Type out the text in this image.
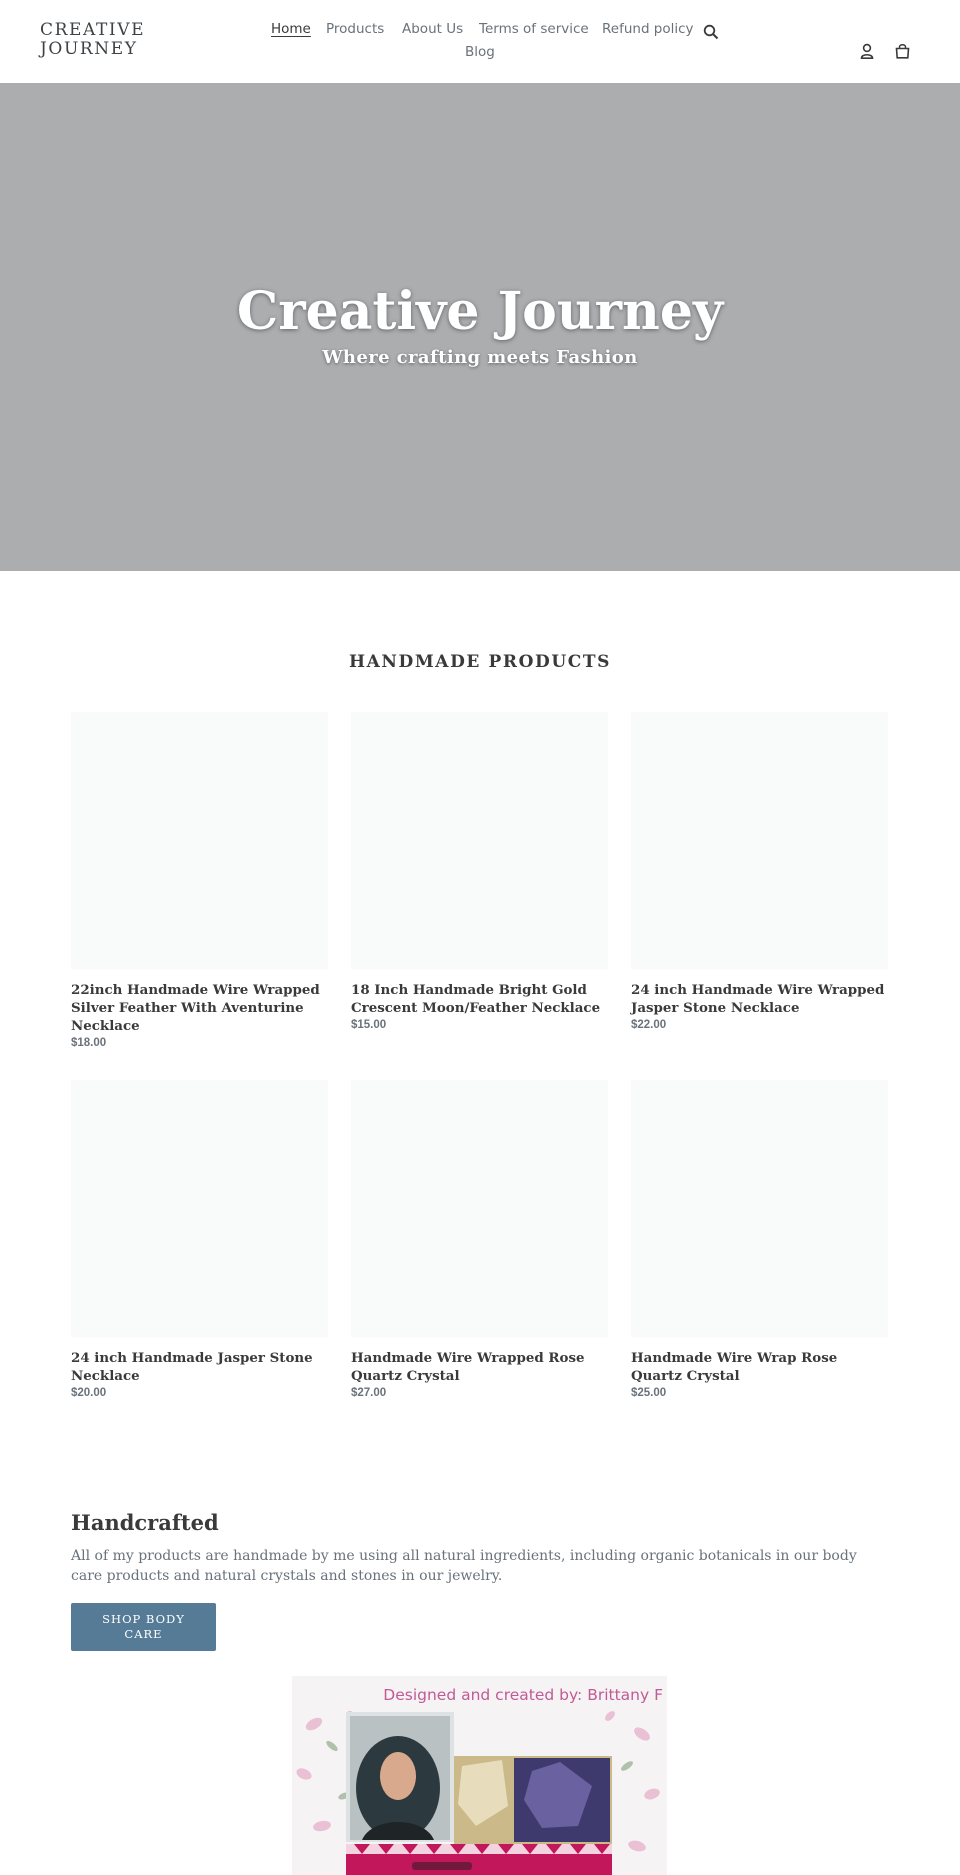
CREATIVE JOURNEY
Home Products About Us Terms of service Refund policy
Blog
Creative Journey

Where crafting meets Fashion

HANDMADE PRODUCTS
22inch Handmade Wire Wrapped Silver Feather With Aventurine Necklace
$18.00
18 Inch Handmade Bright Gold Crescent Moon/Feather Necklace
$15.00
24 inch Handmade Wire Wrapped Jasper Stone Necklace
$22.00
24 inch Handmade Jasper Stone Necklace
$20.00
Handmade Wire Wrapped Rose Quartz Crystal
$27.00
Handmade Wire Wrap Rose Quartz Crystal
$25.00
Handcrafted

All of my products are handmade by me using all natural ingredients, including organic botanicals in our body care products and natural crystals and stones in our jewelry.

SHOP BODY CARE
Designed and created by: Brittany F
